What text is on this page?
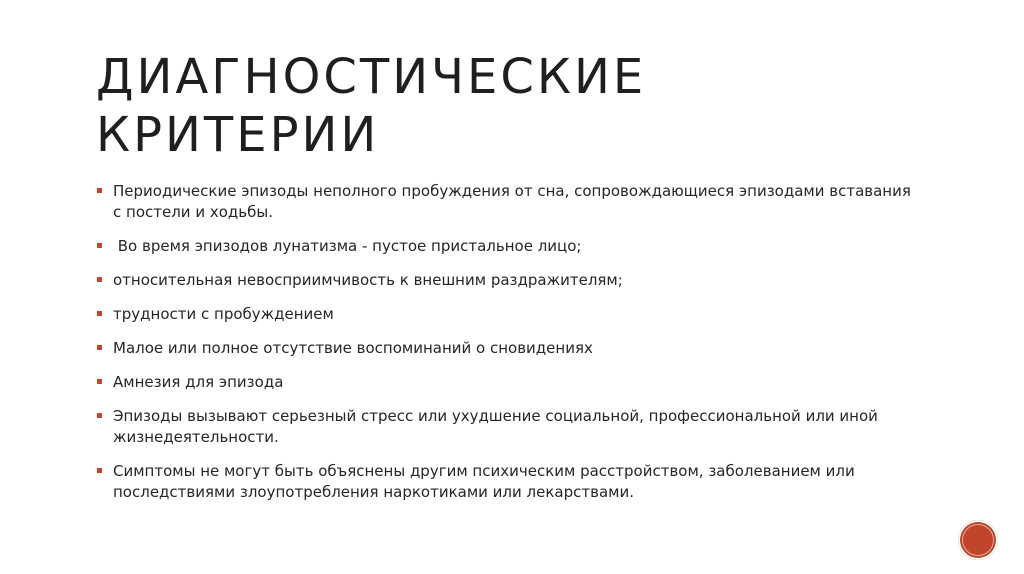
ДИАГНОСТИЧЕСКИЕ
КРИТЕРИИ
Периодические эпизоды неполного пробуждения от сна, сопровождающиеся эпизодами вставания с постели и ходьбы.
Во время эпизодов лунатизма - пустое пристальное лицо;
относительная невосприимчивость к внешним раздражителям;
трудности с пробуждением
Малое или полное отсутствие воспоминаний о сновидениях
Амнезия для эпизода
Эпизоды вызывают серьезный стресс или ухудшение социальной, профессиональной или иной жизнедеятельности.
Симптомы не могут быть объяснены другим психическим расстройством, заболеванием или последствиями злоупотребления наркотиками или лекарствами.
